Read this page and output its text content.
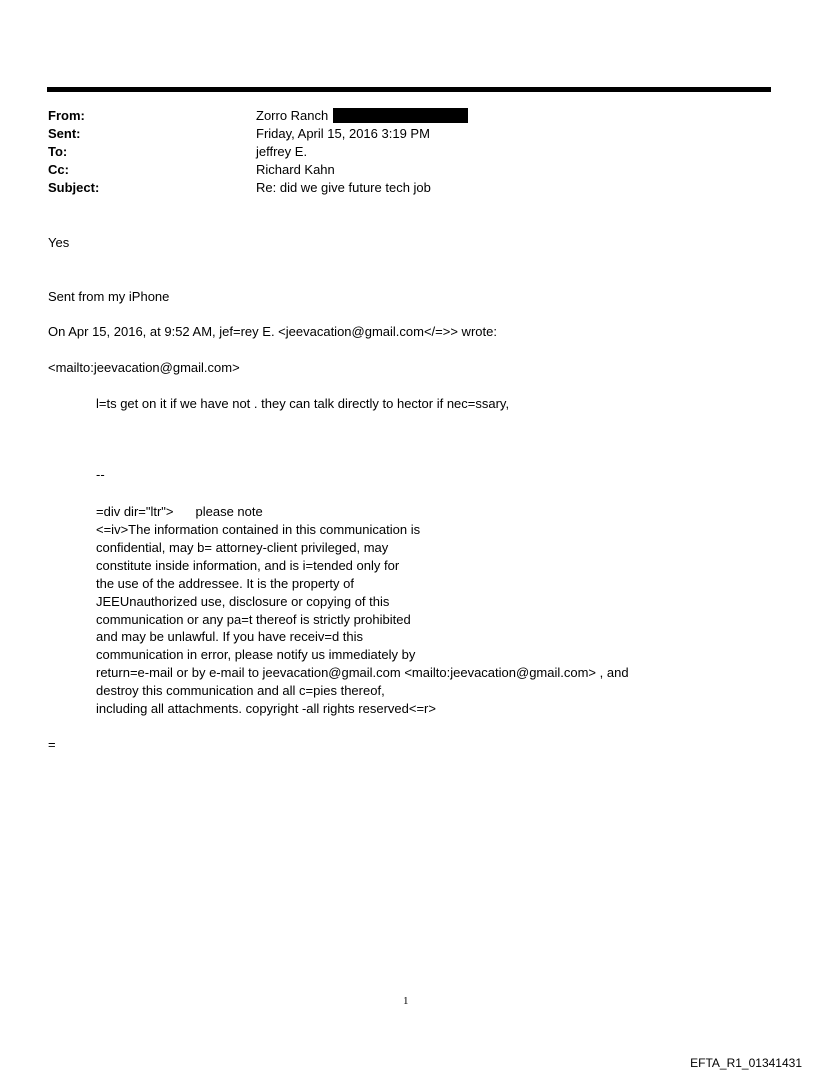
From:	Zorro Ranch
Sent:	Friday, April 15, 2016 3:19 PM
To:	jeffrey E.
Cc:	Richard Kahn
Subject:	Re: did we give future tech job
Yes
Sent from my iPhone
On Apr 15, 2016, at 9:52 AM, jef=rey E. <jeevacation@gmail.com</=>> wrote:
<mailto:jeevacation@gmail.com>
l=ts get on it if we have not . they can talk directly to hector if nec=ssary,
--
=div dir="ltr"> please note
<=iv>The information contained in this communication is
confidential, may b= attorney-client privileged, may
constitute inside information, and is i=tended only for
the use of the addressee. It is the property of
JEEUnauthorized use, disclosure or copying of this
communication or any pa=t thereof is strictly prohibited
and may be unlawful. If you have receiv=d this
communication in error, please notify us immediately by
return=e-mail or by e-mail to jeevacation@gmail.com <mailto:jeevacation@gmail.com> , and
destroy this communication and all c=pies thereof,
including all attachments. copyright -all rights reserved<=r>
=
1
EFTA_R1_01341431
